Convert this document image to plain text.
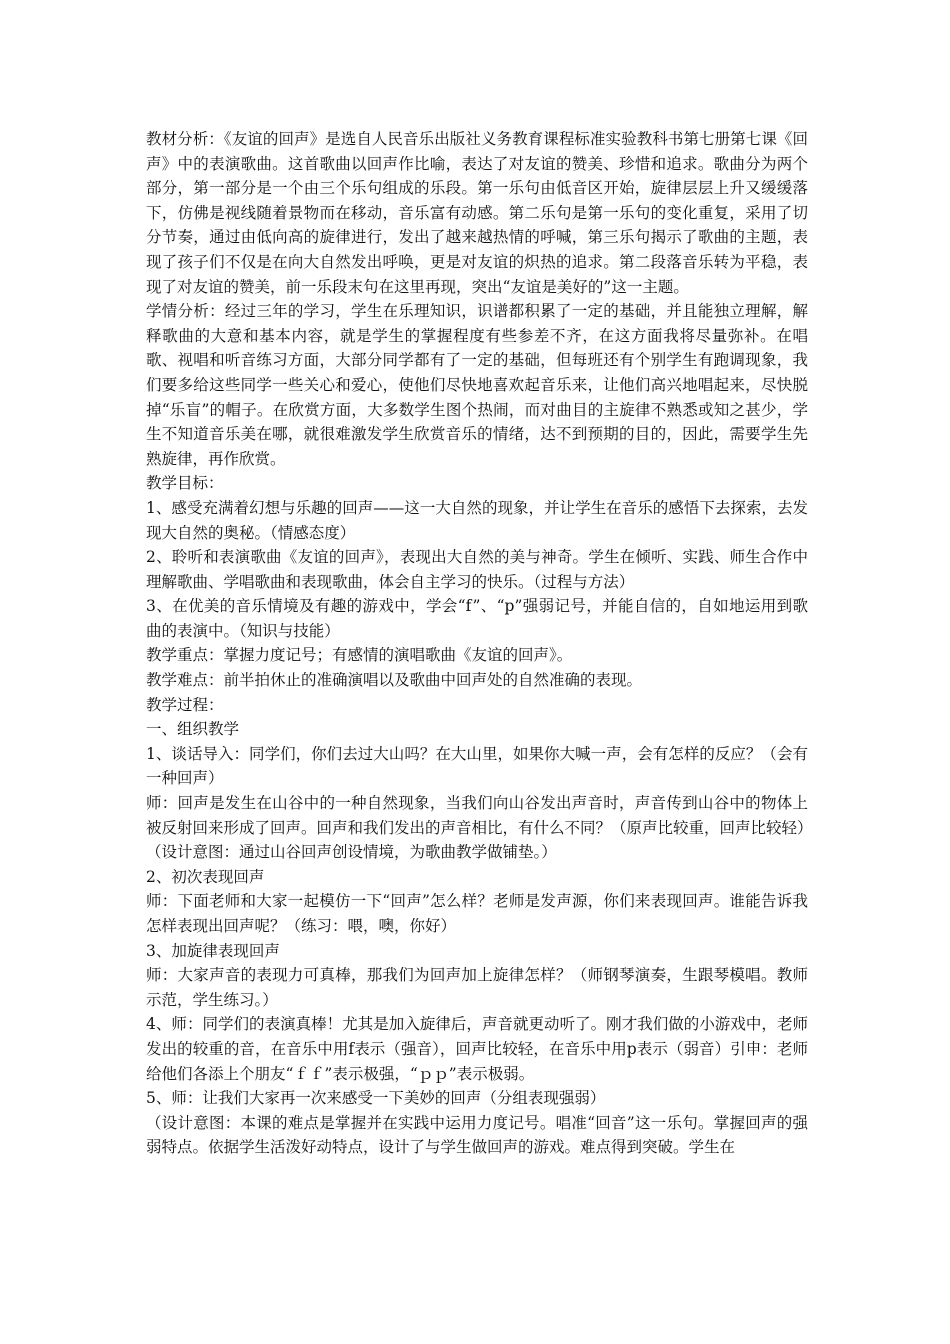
教材分析：《友谊的回声》是选自人民音乐出版社义务教育课程标准实验教科书第七册第七课《回声》中的表演歌曲。这首歌曲以回声作比喻，表达了对友谊的赞美、珍惜和追求。歌曲分为两个部分，第一部分是一个由三个乐句组成的乐段。第一乐句由低音区开始，旋律层层上升又缓缓落下，仿佛是视线随着景物而在移动，音乐富有动感。第二乐句是第一乐句的变化重复，采用了切分节奏，通过由低向高的旋律进行，发出了越来越热情的呼喊，第三乐句揭示了歌曲的主题，表现了孩子们不仅是在向大自然发出呼唤，更是对友谊的炽热的追求。第二段落音乐转为平稳，表现了对友谊的赞美，前一乐段末句在这里再现，突出“友谊是美好的”这一主题。

学情分析：经过三年的学习，学生在乐理知识，识谱都积累了一定的基础，并且能独立理解，解释歌曲的大意和基本内容，就是学生的掌握程度有些参差不齐，在这方面我将尽量弥补。在唱歌、视唱和听音练习方面，大部分同学都有了一定的基础，但每班还有个别学生有跑调现象，我们要多给这些同学一些关心和爱心，使他们尽快地喜欢起音乐来，让他们高兴地唱起来，尽快脱掉“乐盲”的帽子。在欣赏方面，大多数学生图个热闹，而对曲目的主旋律不熟悉或知之甚少，学生不知道音乐美在哪，就很难激发学生欣赏音乐的情绪，达不到预期的目的，因此，需要学生先熟旋律，再作欣赏。

教学目标：

1、感受充满着幻想与乐趣的回声——这一大自然的现象，并让学生在音乐的感悟下去探索，去发现大自然的奥秘。（情感态度）

2、聆听和表演歌曲《友谊的回声》，表现出大自然的美与神奇。学生在倾听、实践、师生合作中理解歌曲、学唱歌曲和表现歌曲，体会自主学习的快乐。（过程与方法）

3、在优美的音乐情境及有趣的游戏中，学会“f”、“p”强弱记号，并能自信的，自如地运用到歌曲的表演中。（知识与技能）

教学重点：掌握力度记号；有感情的演唱歌曲《友谊的回声》。

教学难点：前半拍休止的准确演唱以及歌曲中回声处的自然准确的表现。

教学过程：

一、组织教学

1、谈话导入：同学们，你们去过大山吗？在大山里，如果你大喊一声，会有怎样的反应？（会有一种回声）

师：回声是发生在山谷中的一种自然现象，当我们向山谷发出声音时，声音传到山谷中的物体上被反射回来形成了回声。回声和我们发出的声音相比，有什么不同？（原声比较重，回声比较轻）

（设计意图：通过山谷回声创设情境，为歌曲教学做铺垫。）

2、初次表现回声

师：下面老师和大家一起模仿一下“回声”怎么样？老师是发声源，你们来表现回声。谁能告诉我怎样表现出回声呢？（练习：喂，噢，你好）

3、加旋律表现回声

师：大家声音的表现力可真棒，那我们为回声加上旋律怎样？（师钢琴演奏，生跟琴模唱。教师示范，学生练习。）

4、师：同学们的表演真棒！尤其是加入旋律后，声音就更动听了。刚才我们做的小游戏中，老师发出的较重的音，在音乐中用f表示（强音），回声比较轻，在音乐中用p表示（弱音）引申：老师给他们各添上个朋友“ｆｆ”表示极强，“ｐｐ”表示极弱。

5、师：让我们大家再一次来感受一下美妙的回声（分组表现强弱）

（设计意图：本课的难点是掌握并在实践中运用力度记号。唱准“回音”这一乐句。掌握回声的强弱特点。依据学生活泼好动特点，设计了与学生做回声的游戏。难点得到突破。学生在
